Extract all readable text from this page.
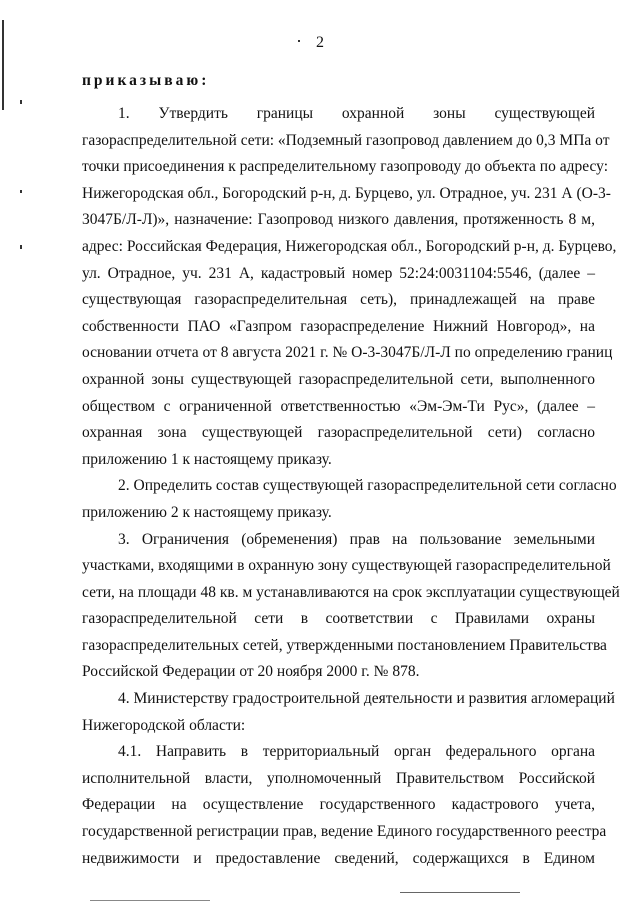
2
приказываю:
1. Утвердить границы охранной зоны существующей
газораспределительной сети: «Подземный газопровод давлением до 0,3 МПа от
точки присоединения к распределительному газопроводу до объекта по адресу:
Нижегородская обл., Богородский р-н, д. Бурцево, ул. Отрадное, уч. 231 А (О-3-
3047Б/Л-Л)», назначение: Газопровод низкого давления, протяженность 8 м,
адрес: Российская Федерация, Нижегородская обл., Богородский р-н, д. Бурцево,
ул. Отрадное, уч. 231 А, кадастровый номер 52:24:0031104:5546, (далее –
существующая газораспределительная сеть), принадлежащей на праве
собственности ПАО «Газпром газораспределение Нижний Новгород», на
основании отчета от 8 августа 2021 г. № О-3-3047Б/Л-Л по определению границ
охранной зоны существующей газораспределительной сети, выполненного
обществом с ограниченной ответственностью «Эм-Эм-Ти Рус», (далее –
охранная зона существующей газораспределительной сети) согласно
приложению 1 к настоящему приказу.
2. Определить состав существующей газораспределительной сети согласно
приложению 2 к настоящему приказу.
3. Ограничения (обременения) прав на пользование земельными
участками, входящими в охранную зону существующей газораспределительной
сети, на площади 48 кв. м устанавливаются на срок эксплуатации существующей
газораспределительной сети в соответствии с Правилами охраны
газораспределительных сетей, утвержденными постановлением Правительства
Российской Федерации от 20 ноября 2000 г. № 878.
4. Министерству градостроительной деятельности и развития агломераций
Нижегородской области:
4.1. Направить в территориальный орган федерального органа
исполнительной власти, уполномоченный Правительством Российской
Федерации на осуществление государственного кадастрового учета,
государственной регистрации прав, ведение Единого государственного реестра
недвижимости и предоставление сведений, содержащихся в Едином
